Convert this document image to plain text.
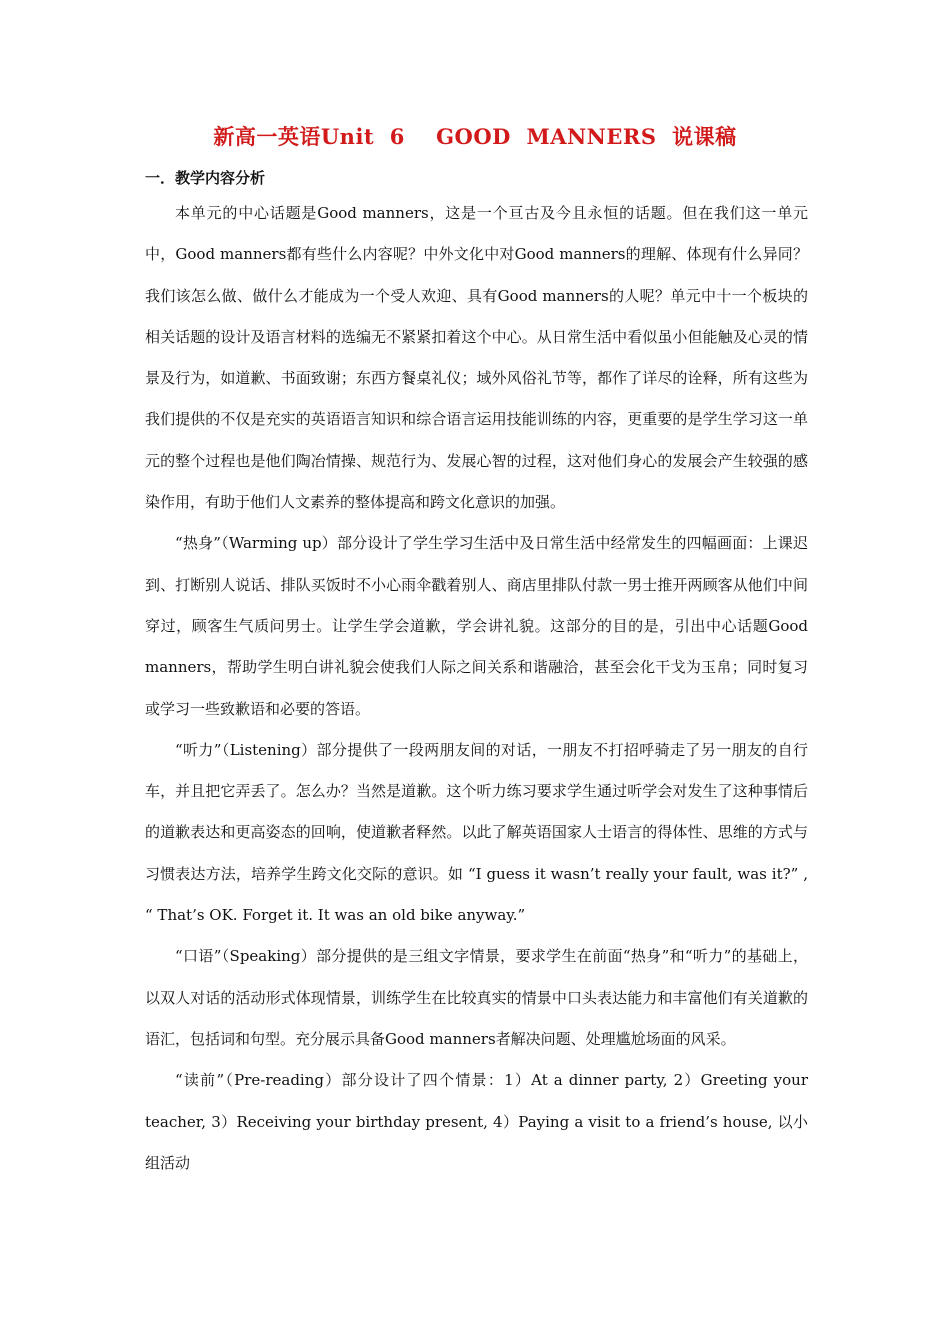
新高一英语Unit  6    GOOD  MANNERS  说课稿
一．教学内容分析

本单元的中心话题是Good manners，这是一个亘古及今且永恒的话题。但在我们这一单元中，Good manners都有些什么内容呢？中外文化中对Good manners的理解、体现有什么异同？我们该怎么做、做什么才能成为一个受人欢迎、具有Good manners的人呢？单元中十一个板块的相关话题的设计及语言材料的选编无不紧紧扣着这个中心。从日常生活中看似虽小但能触及心灵的情景及行为，如道歉、书面致谢；东西方餐桌礼仪；域外风俗礼节等，都作了详尽的诠释，所有这些为我们提供的不仅是充实的英语语言知识和综合语言运用技能训练的内容，更重要的是学生学习这一单元的整个过程也是他们陶冶情操、规范行为、发展心智的过程，这对他们身心的发展会产生较强的感染作用，有助于他们人文素养的整体提高和跨文化意识的加强。

“热身”（Warming up）部分设计了学生学习生活中及日常生活中经常发生的四幅画面：上课迟到、打断别人说话、排队买饭时不小心雨伞戳着别人、商店里排队付款一男士推开两顾客从他们中间穿过，顾客生气质问男士。让学生学会道歉，学会讲礼貌。这部分的目的是，引出中心话题Good manners，帮助学生明白讲礼貌会使我们人际之间关系和谐融洽，甚至会化干戈为玉帛；同时复习或学习一些致歉语和必要的答语。

“听力”（Listening）部分提供了一段两朋友间的对话，一朋友不打招呼骑走了另一朋友的自行车，并且把它弄丢了。怎么办？当然是道歉。这个听力练习要求学生通过听学会对发生了这种事情后的道歉表达和更高姿态的回响，使道歉者释然。以此了解英语国家人士语言的得体性、思维的方式与习惯表达方法，培养学生跨文化交际的意识。如 “I guess it wasn’t really your fault, was it?” , “ That’s OK. Forget it. It was an old bike anyway.”

“口语”（Speaking）部分提供的是三组文字情景，要求学生在前面“热身”和“听力”的基础上，以双人对话的活动形式体现情景，训练学生在比较真实的情景中口头表达能力和丰富他们有关道歉的语汇，包括词和句型。充分展示具备Good manners者解决问题、处理尴尬场面的风采。

“读前”（Pre-reading）部分设计了四个情景：1）At a dinner party, 2）Greeting your teacher, 3）Receiving your birthday present, 4）Paying a visit to a friend’s house, 以小组活动
